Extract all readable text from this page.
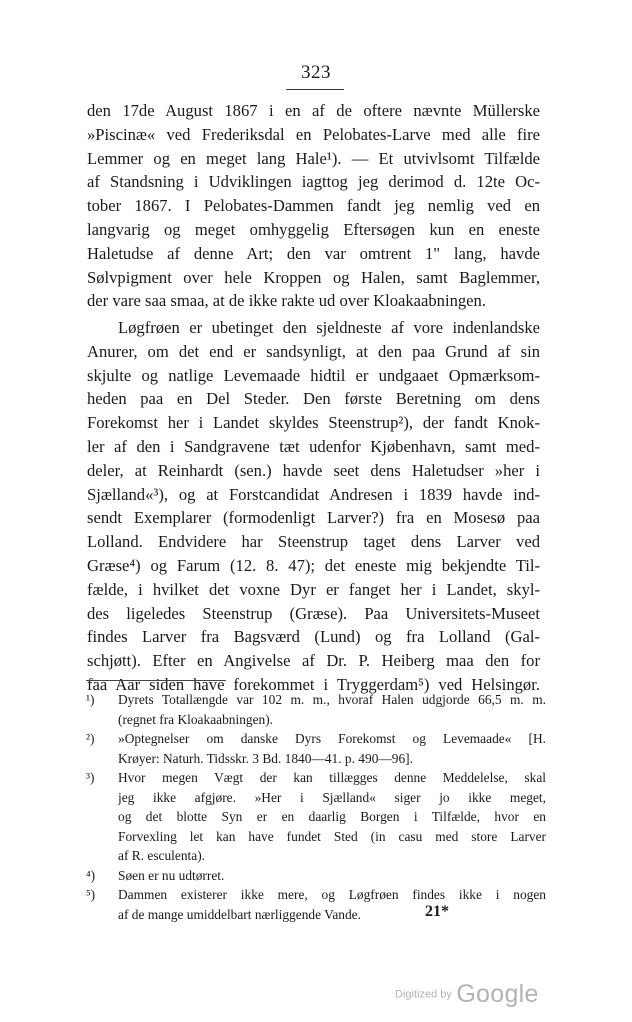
323
den 17de August 1867 i en af de oftere nævnte Müllerske
»Piscinæ« ved Frederiksdal en Pelobates-Larve med alle fire
Lemmer og en meget lang Hale¹). — Et utvivlsomt Tilfælde
af Standsning i Udviklingen iagttog jeg derimod d. 12te Oc-
tober 1867. I Pelobates-Dammen fandt jeg nemlig ved en
langvarig og meget omhyggelig Eftersøgen kun en eneste
Haletudse af denne Art; den var omtrent 1" lang, havde
Sølvpigment over hele Kroppen og Halen, samt Baglemmer,
der vare saa smaa, at de ikke rakte ud over Kloakaabningen.
Løgfrøen er ubetinget den sjeldneste af vore indenlandske
Anurer, om det end er sandsynligt, at den paa Grund af sin
skjulte og natlige Levemaade hidtil er undgaaet Opmærksom-
heden paa en Del Steder. Den første Beretning om dens
Forekomst her i Landet skyldes Steenstrup²), der fandt Knok-
ler af den i Sandgravene tæt udenfor Kjøbenhavn, samt med-
deler, at Reinhardt (sen.) havde seet dens Haletudser »her i
Sjælland«³), og at Forstcandidat Andresen i 1839 havde ind-
sendt Exemplarer (formodenligt Larver?) fra en Mosesø paa
Lolland. Endvidere har Steenstrup taget dens Larver ved
Græse⁴) og Farum (12. 8. 47); det eneste mig bekjendte Til-
fælde, i hvilket det voxne Dyr er fanget her i Landet, skyl-
des ligeledes Steenstrup (Græse). Paa Universitets-Museet
findes Larver fra Bagsværd (Lund) og fra Lolland (Gal-
schjøtt). Efter en Angivelse af Dr. P. Heiberg maa den for
faa Aar siden have forekommet i Tryggerdam⁵) ved Helsingør.
¹)	Dyrets Totallængde var 102 m. m., hvoraf Halen udgjorde 66,5 m. m.
(regnet fra Kloakaabningen).
²)	»Optegnelser om danske Dyrs Forekomst og Levemaade« [H.
Krøyer: Naturh. Tidsskr. 3 Bd. 1840—41. p. 490—96].
³)	Hvor megen Vægt der kan tillægges denne Meddelelse, skal
jeg ikke afgjøre. »Her i Sjælland« siger jo ikke meget,
og det blotte Syn er en daarlig Borgen i Tilfælde, hvor en
Forvexling let kan have fundet Sted (in casu med store Larver
af R. esculenta).
⁴)	Søen er nu udtørret.
⁵)	Dammen existerer ikke mere, og Løgfrøen findes ikke i nogen
af de mange umiddelbart nærliggende Vande.	21*
Digitized by Google
